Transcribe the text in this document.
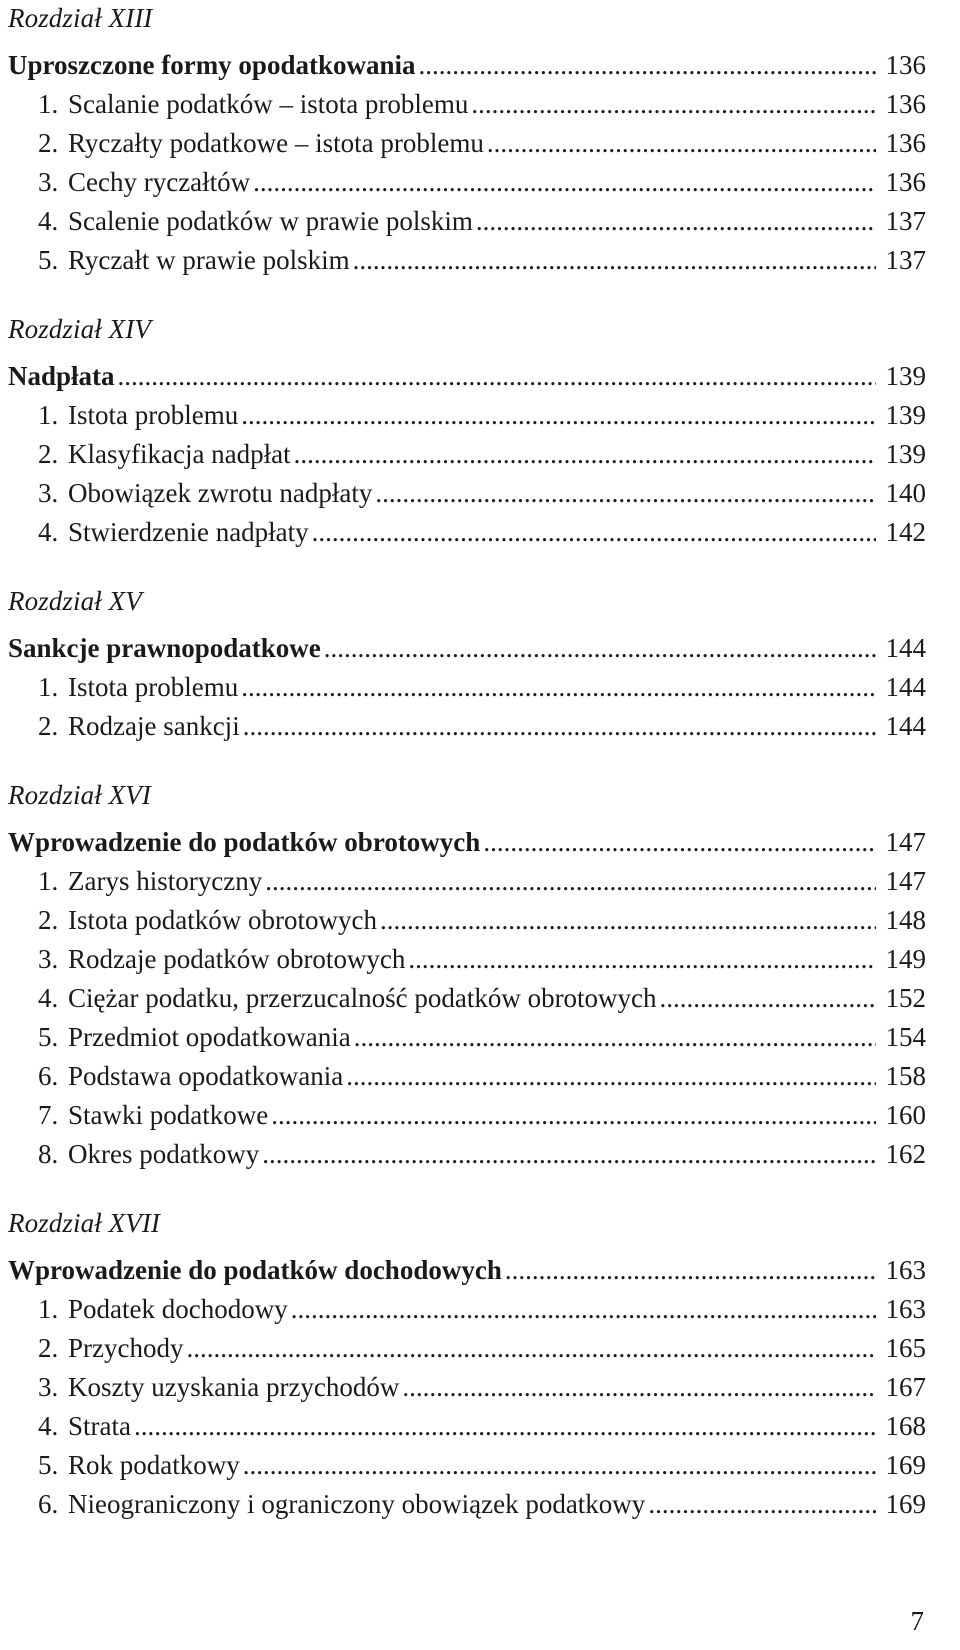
Rozdział XIII
Uproszczone formy opodatkowania .....	136
1. Scalanie podatków – istota problemu .....	136
2. Ryczałty podatkowe – istota problemu .....	136
3. Cechy ryczałtów .....	136
4. Scalenie podatków w prawie polskim .....	137
5. Ryczałt w prawie polskim .....	137
Rozdział XIV
Nadpłata .....	139
1. Istota problemu .....	139
2. Klasyfikacja nadpłat .....	139
3. Obowiązek zwrotu nadpłaty .....	140
4. Stwierdzenie nadpłaty .....	142
Rozdział XV
Sankcje prawnopodatkowe .....	144
1. Istota problemu .....	144
2. Rodzaje sankcji .....	144
Rozdział XVI
Wprowadzenie do podatków obrotowych .....	147
1. Zarys historyczny .....	147
2. Istota podatków obrotowych .....	148
3. Rodzaje podatków obrotowych .....	149
4. Ciężar podatku, przerzucalność podatków obrotowych .....	152
5. Przedmiot opodatkowania .....	154
6. Podstawa opodatkowania .....	158
7. Stawki podatkowe .....	160
8. Okres podatkowy .....	162
Rozdział XVII
Wprowadzenie do podatków dochodowych .....	163
1. Podatek dochodowy .....	163
2. Przychody .....	165
3. Koszty uzyskania przychodów .....	167
4. Strata .....	168
5. Rok podatkowy .....	169
6. Nieograniczony i ograniczony obowiązek podatkowy .....	169
7
